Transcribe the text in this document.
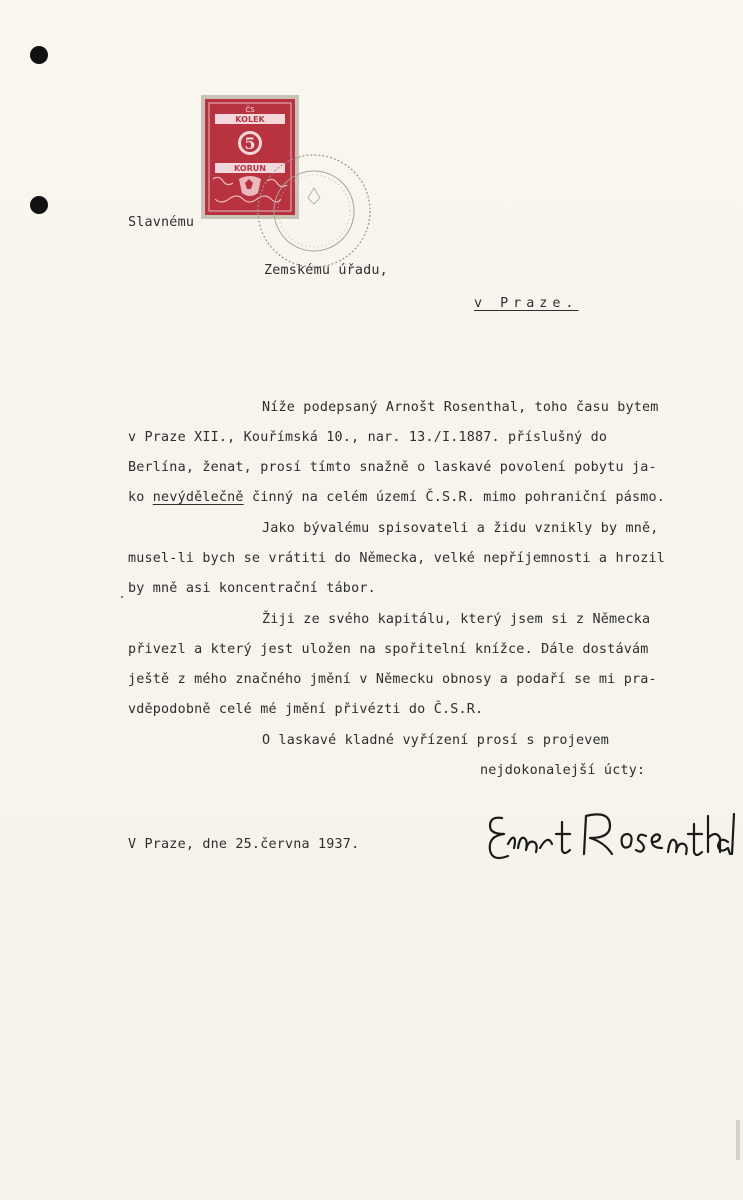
ČS
KOLEK
5
KORUN
Slavnému
Zemskému úřadu,
v Praze.
Níže podepsaný Arnošt Rosenthal, toho času bytem
v Praze XII., Kouřímská 10., nar. 13./I.1887. příslušný do
Berlína, ženat, prosí tímto snažně o laskavé povolení pobytu ja-
ko nevýdělečně činný na celém území Č.S.R. mimo pohraniční pásmo.
Jako bývalému spisovateli a židu vznikly by mně,
musel-li bych se vrátiti do Německa, velké nepříjemnosti a hrozil
by mně asi koncentrační tábor.
Žiji ze svého kapitálu, který jsem si z Německa
přivezl a který jest uložen na spořitelní knížce. Dále dostávám
ještě z mého značného jmění v Německu obnosy a podaří se mi pra-
vděpodobně celé mé jmění přivézti do Č.S.R.
O laskavé kladné vyřízení prosí s projevem
nejdokonalejší úcty:
V Praze, dne 25.června 1937.
